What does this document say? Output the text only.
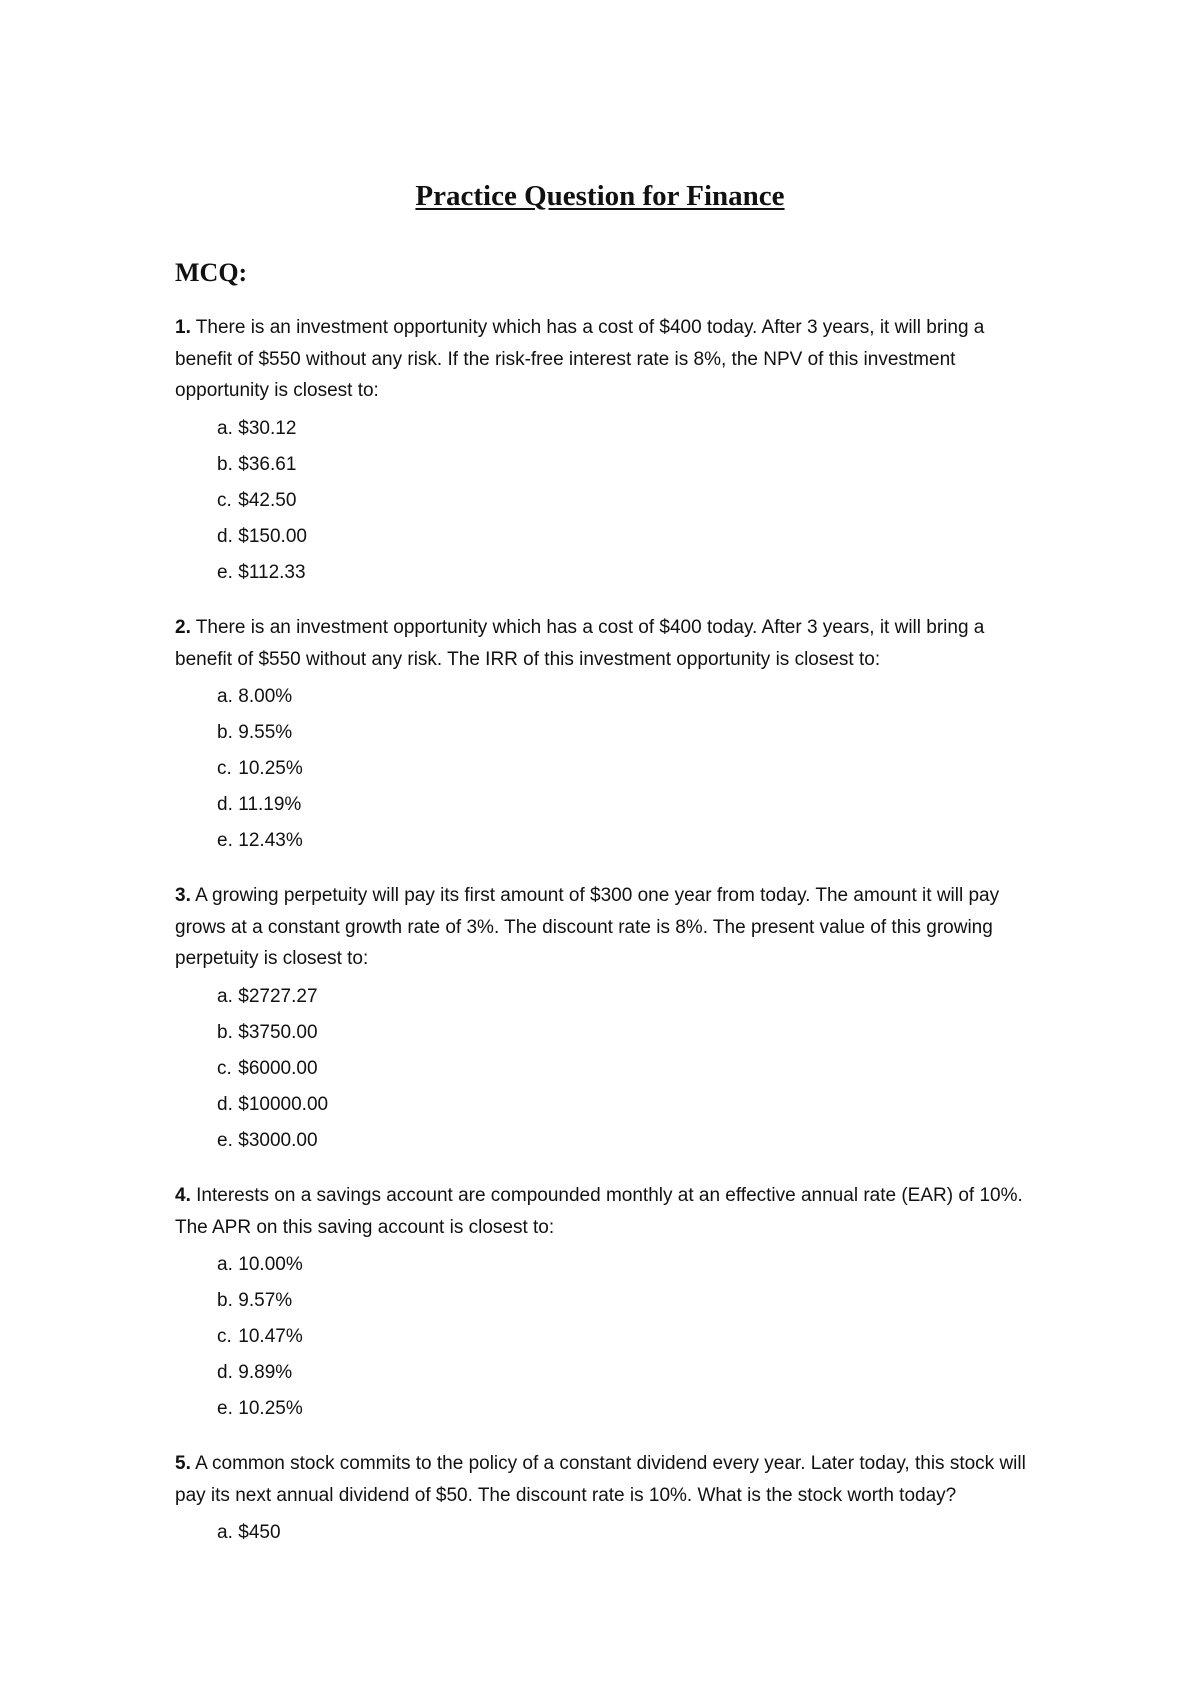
Practice Question for Finance
MCQ:

1. There is an investment opportunity which has a cost of $400 today. After 3 years, it will bring a benefit of $550 without any risk. If the risk-free interest rate is 8%, the NPV of this investment opportunity is closest to:

a. $30.12
b. $36.61
c. $42.50
d. $150.00
e. $112.33

2. There is an investment opportunity which has a cost of $400 today. After 3 years, it will bring a benefit of $550 without any risk. The IRR of this investment opportunity is closest to:

a. 8.00%
b. 9.55%
c. 10.25%
d. 11.19%
e. 12.43%

3. A growing perpetuity will pay its first amount of $300 one year from today. The amount it will pay grows at a constant growth rate of 3%. The discount rate is 8%. The present value of this growing perpetuity is closest to:

a. $2727.27
b. $3750.00
c. $6000.00
d. $10000.00
e. $3000.00

4. Interests on a savings account are compounded monthly at an effective annual rate (EAR) of 10%. The APR on this saving account is closest to:

a. 10.00%
b. 9.57%
c. 10.47%
d. 9.89%
e. 10.25%

5. A common stock commits to the policy of a constant dividend every year. Later today, this stock will pay its next annual dividend of $50. The discount rate is 10%. What is the stock worth today?

a. $450
